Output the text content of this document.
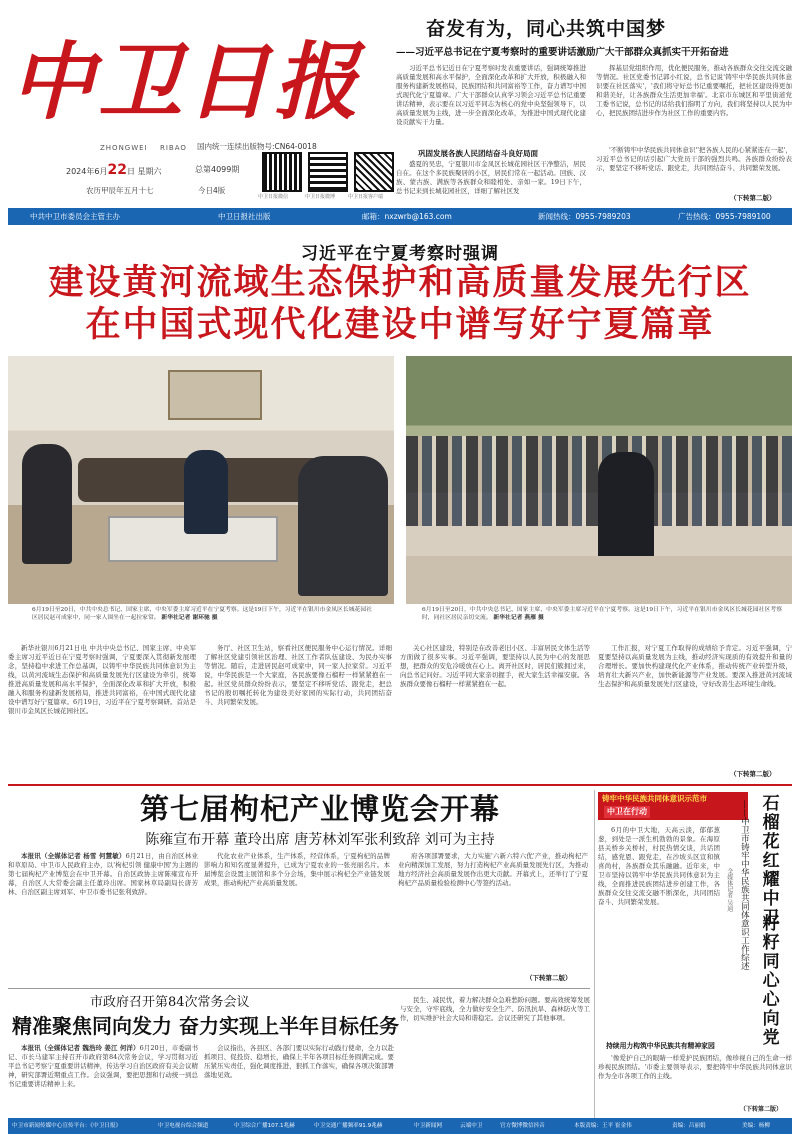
中卫日报
ZHONGWEI RIBAO 国内统一连续出版物号:CN64-0018
2024年6月22日 星期六	总第4099期
农历甲辰年五月十七	今日4版
中卫日报微信	中卫日报微博	中卫日报客户端
奋发有为，同心共筑中国梦
——习近平总书记在宁夏考察时的重要讲话激励广大干部群众真抓实干开拓奋进

习近平总书记近日在宁夏考察时发表重要讲话，强调统筹推进高质量发展和高水平保护，全面深化改革和扩大开放，积极融入和服务构建新发展格局，民族团结和共同富裕等工作，奋力谱写中国式现代化宁夏篇章。广大干部群众认真学习领会习近平总书记重要讲话精神，表示要在以习近平同志为核心的党中央坚强领导下，以高质量发展为主线，进一步全面深化改革，为推进中国式现代化建设贡献实干力量。

巩固发展各族人民团结奋斗良好局面

盛夏的吴忠，宁夏银川市金凤区长城花园社区干净整洁，居民自在。在这个多民族聚居的小区，居民们常在一起活动。回族、汉族、蒙古族、满族等各族群众和睦相处、亲如一家。19日下午，总书记来到长城花园社区，详细了解社区发

挥基层党组织作用，优化便民服务，推动各族群众交往交流交融等情况。社区党委书记郭小红说，总书记说'铸牢中华民族共同体意识要在社区落实'，'我们将守好总书记重要嘱托，把社区建设得更加和谐美好，让各族群众生活更加幸福'。北京市东城区和平里街道党工委书记说，总书记的话给我们指明了方向，我们将坚持以人民为中心，把民族团结进步作为社区工作的重要内容。

'不断铸牢中华民族共同体意识''把各族人民的心紧紧连在一起'，习近平总书记的话引起广大党员干部的强烈共鸣。各族群众纷纷表示，要坚定不移听党话、跟党走，共同团结奋斗、共同繁荣发展。

（下转第二版）
中共中卫市委员会主管主办	中卫日报社出版	邮箱：nxzwrb@163.com	新闻热线：0955-7989203	广告热线：0955-7989100
习近平在宁夏考察时强调
建设黄河流域生态保护和高质量发展先行区
在中国式现代化建设中谱写好宁夏篇章
6月19日至20日，中共中央总书记、国家主席、中央军委主席习近平在宁夏考察。这是19日下午，习近平在银川市金凤区长城花园社区居民赵可成家中，同一家人围坐在一起拉家常。 新华社记者 谢环驰 摄
6月19日至20日，中共中央总书记、国家主席、中央军委主席习近平在宁夏考察。这是19日下午，习近平在银川市金凤区长城花园社区考察时，同社区居民亲切交流。 新华社记者 燕雁 摄

新华社银川6月21日电 中共中央总书记、国家主席、中央军委主席习近平近日在宁夏考察时强调，宁夏要深入贯彻新发展理念，坚持稳中求进工作总基调，以铸牢中华民族共同体意识为主线，以黄河流域生态保护和高质量发展先行区建设为牵引，统筹推进高质量发展和高水平保护，全面深化改革和扩大开放，积极融入和服务构建新发展格局，推进共同富裕，在中国式现代化建设中谱写好宁夏篇章。6月19日，习近平在宁夏考察调研。首站是银川市金凤区长城花园社区。

务厅、社区卫生站，察看社区便民服务中心运行情况。详细了解社区党建引领社区治理、社区工作者队伍建设、为民办实事等情况。随后，走进居民赵可成家中，同一家人拉家常。习近平说，中华民族是一个大家庭，各民族要像石榴籽一样紧紧抱在一起。社区党员群众纷纷表示，要坚定不移听党话、跟党走，把总书记的殷切嘱托转化为建设美好家园的实际行动，共同团结奋斗、共同繁荣发展。

关心社区建设，特别是在改善老旧小区、丰富居民文体生活等方面做了很多实事。习近平强调，要坚持以人民为中心的发展思想，把群众的安危冷暖放在心上。离开社区时，居民们簇拥过来，向总书记问好。习近平同大家亲切握手，祝大家生活幸福安康。各族群众要像石榴籽一样紧紧抱在一起。

工作汇报，对宁夏工作取得的成绩给予肯定。习近平强调，宁夏要坚持以高质量发展为主线，推动经济实现质的有效提升和量的合理增长。要加快构建现代化产业体系，推动传统产业转型升级，培育壮大新兴产业，加快新能源等产业发展。要深入推进黄河流域生态保护和高质量发展先行区建设，守好改善生态环境生命线。

（下转第二版）
第七届枸杞产业博览会开幕
陈雍宣布开幕 董玲出席 唐芳林刘军张利致辞 刘可为主持

本报讯（全媒体记者 杨雪 何慧敏）6月21日，由自治区林业和草原局、中卫市人民政府主办，以'枸杞引领 健康中国'为主题的第七届枸杞产业博览会在中卫开幕。自治区政协主席陈雍宣布开幕，自治区人大常委会副主任董玲出席。国家林草局副局长唐芳林、自治区副主席刘军、中卫市委书记张利致辞。

代化农业产业体系，生产体系，经营体系，宁夏枸杞的品牌影响力和知名度显著提升，已成为宁夏农业的一张亮丽名片。本届博览会设置主展馆和多个分会场，集中展示枸杞全产业链发展成果，推动枸杞产业高质量发展。

府各项部署要求，大力实施'六新六特六优'产业，推动枸杞产业向精深加工发展，努力打造枸杞产业高质量发展先行区，为推动地方经济社会高质量发展作出更大贡献。开幕式上，还举行了宁夏枸杞产品质量检验检测中心等签约活动。

（下转第二版）
市政府召开第84次常务会议
精准聚焦同向发力 奋力实现上半年目标任务

本报讯（全媒体记者 魏浩玲 姜江 何洋）6月20日，市委副书记、市长马建军主持召开市政府第84次常务会议，学习贯彻习近平总书记考察宁夏重要讲话精神，传达学习自治区政府有关会议精神，研究部署近期重点工作。会议强调，要把思想和行动统一到总书记重要讲话精神上来。

会议指出，各县区、各部门要以实际行动践行使命，全力以赴抓项目、促投资、稳增长，确保上半年各项目标任务圆满完成。要压紧压实责任，强化调度推进，狠抓工作落实，确保各项决策部署落地见效。

民生、减民忧，着力解决群众急难愁盼问题。要高效统筹发展与安全，守牢底线，全力做好安全生产、防汛抗旱、森林防火等工作，切实维护社会大局和谐稳定。会议还研究了其他事项。

铸牢中华民族共同体意识示范市
中卫在行动	石榴花红耀中卫
籽籽同心心向党
——中卫市铸牢中华民族共同体意识工作综述
全媒体记者 吴迪

6月的中卫大地，天高云淡，郁郁葱葱，到处是一派生机勃勃的景象。在海原县关桥乡关桥村，村民热情交谈，共话团结，感党恩、跟党走，在沙坡头区宣和镇喜尚村，各族群众其乐融融。近年来，中卫市坚持以铸牢中华民族共同体意识为主线，全面推进民族团结进步创建工作，各族群众交往交流交融不断深化，共同团结奋斗、共同繁荣发展。

持续用力构筑中华民族共有精神家园

'像爱护自己的眼睛一样爱护民族团结，像珍视自己的生命一样珍视民族团结。'市委主要领导表示，要把铸牢中华民族共同体意识作为全市各项工作的主线。

（下转第二版）
中卫市新闻传媒中心宣传平台：《中卫日报》	中卫电视台综合频道	中卫综合广播107.1兆赫	中卫交通广播频率91.9兆赫	中卫新闻网	云端中卫	官方微博微信抖音	本版责编：王平 崔金伟	责编：吕丽娟	美编：杨柳
